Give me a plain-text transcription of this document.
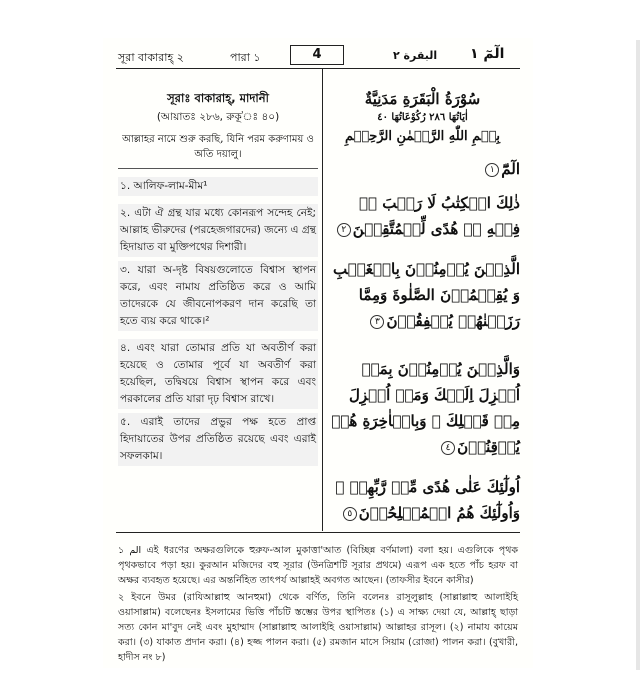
সূরা বাকারাহ্ ২	পারা ১	4	البقرة ٢ الٓمٓ ١
সূরাঃ বাকারাহ্, মাদানী
(আয়াতঃ ২৮৬, রুকূ'ঃ ৪০)
আল্লাহর নামে শুরু করছি, যিনি পরম করুণাময় ও অতি দয়ালু।
১. আলিফ-লাম-মীম¹
২. এটা ঐ গ্রন্থ যার মধ্যে কোনরূপ সন্দেহ নেই; আল্লাহ ভীরুদের (পরহেজগারদের) জন্যে এ গ্রন্থ হিদায়াত বা মুক্তিপথের দিশারী।
৩. যারা অ-দৃষ্ট বিষয়গুলোতে বিশ্বাস স্থাপন করে, এবং নামায প্রতিষ্ঠিত করে ও আমি তাদেরকে যে জীবনোপকরণ দান করেছি তা হতে ব্যয় করে থাকে।²
৪. এবং যারা তোমার প্রতি যা অবতীর্ণ করা হয়েছে ও তোমার পূর্বে যা অবতীর্ণ করা হয়েছিল, তদ্বিষয়ে বিশ্বাস স্থাপন করে এবং পরকালের প্রতি যারা দৃঢ় বিশ্বাস রাখে।
৫. এরাই তাদের প্রভুর পক্ষ হতে প্রাপ্ত হিদায়াতের উপর প্রতিষ্ঠিত রয়েছে এবং এরাই সফলকাম।
سُوْرَةُ الْبَقَرَةِ مَدَنِيَّةٌ
اٰيَاتُهَا ٢٨٦ رُكُوْعَاتُهَا ٤٠
بِسۡمِ اللّٰهِ الرَّحۡمٰنِ الرَّحِيۡمِ
الٓمّٓ١
ذٰلِكَ الۡكِتٰبُ لَا رَيۡبَ ۚۛ فِيۡهِ ۚۛ هُدًى لِّلۡمُتَّقِيۡنَ٢
الَّذِيۡنَ يُؤۡمِنُوۡنَ بِالۡغَيۡبِ وَ يُقِيۡمُوۡنَ الصَّلٰوةَ وَمِمَّا رَزَقۡنٰهُمۡ يُنۡفِقُوۡنَ٣
وَالَّذِيۡنَ يُؤۡمِنُوۡنَ بِمَاۤ اُنۡزِلَ اِلَيۡكَ وَمَاۤ اُنۡزِلَ مِنۡ قَبۡلِكَ ۚ وَبِالۡاٰخِرَةِ هُمۡ يُوۡقِنُوۡنَ٤
اُولٰٓئِكَ عَلٰى هُدًى مِّنۡ رَّبِّهِمۡ ۗ وَاُولٰٓئِكَ هُمُ الۡمُفۡلِحُوۡنَ٥

১ الم এই ধরণের অক্ষরগুলিকে হুরুফ-আল মুকাত্তা'আত (বিচ্ছিন্ন বর্ণমালা) বলা হয়। এগুলিকে পৃথক পৃথকভাবে পড়া হয়। কুরআন মজিদের বহু সূরার (উনত্রিশটি সূরার প্রথমে) এরূপ এক হতে পাঁচ হরফ বা অক্ষর ব্যবহৃত হয়েছে। এর অন্তর্নিহিত তাৎপর্য আল্লাহই অবগত আছেন। (তাফসীর ইবনে কাসীর)

২ ইবনে উমর (রাযিআল্লাহু আনহুমা) থেকে বর্ণিত, তিনি বলেনঃ রাসূলুল্লাহ (সাল্লাল্লাহু আলাইহি ওয়াসাল্লাম) বলেছেনঃ ইসলামের ভিত্তি পাঁচটি স্তম্ভের উপর স্থাপিতঃ (১) এ সাক্ষ্য দেয়া যে, আল্লাহ্ ছাড়া সত্য কোন মা'বুদ নেই এবং মুহাম্মাদ (সাল্লাল্লাহু আলাইহি ওয়াসাল্লাম) আল্লাহর রাসূল। (২) নামায কায়েম করা। (৩) যাকাত প্রদান করা। (৪) হজ্জ পালন করা। (৫) রমজান মাসে সিয়াম (রোজা) পালন করা। (বুখারী, হাদীস নং ৮)
